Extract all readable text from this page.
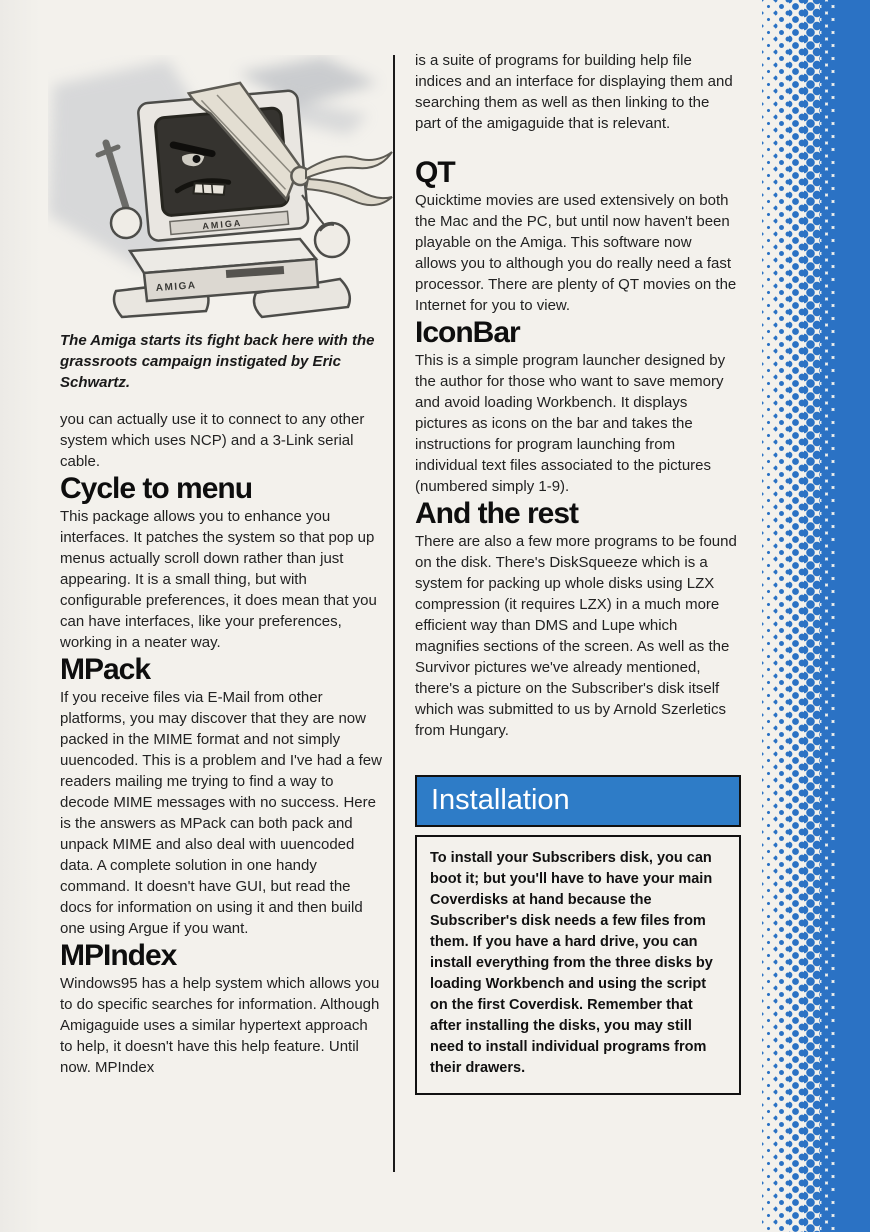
AMIGA
AMIGA

The Amiga starts its fight back here with the grassroots campaign instigated by Eric Schwartz.

you can actually use it to connect to any other system which uses NCP) and a 3-Link serial cable.

Cycle to menu

This package allows you to enhance you interfaces. It patches the system so that pop up menus actually scroll down rather than just appearing. It is a small thing, but with configurable preferences, it does mean that you can have interfaces, like your preferences, working in a neater way.

MPack

If you receive files via E-Mail from other platforms, you may discover that they are now packed in the MIME format and not simply uuencoded. This is a problem and I've had a few readers mailing me trying to find a way to decode MIME messages with no success. Here is the answers as MPack can both pack and unpack MIME and also deal with uuencoded data. A complete solution in one handy command. It doesn't have GUI, but read the docs for information on using it and then build one using Argue if you want.

MPIndex

Windows95 has a help system which allows you to do specific searches for information. Although Amigaguide uses a similar hypertext approach to help, it doesn't have this help feature. Until now. MPIndex

is a suite of programs for building help file indices and an interface for displaying them and searching them as well as then linking to the part of the amigaguide that is relevant.

QT

Quicktime movies are used extensively on both the Mac and the PC, but until now haven't been playable on the Amiga. This software now allows you to although you do really need a fast processor. There are plenty of QT movies on the Internet for you to view.

IconBar

This is a simple program launcher designed by the author for those who want to save memory and avoid loading Workbench. It displays pictures as icons on the bar and takes the instructions for program launching from individual text files associated to the pictures (numbered simply 1-9).

And the rest

There are also a few more programs to be found on the disk. There's DiskSqueeze which is a system for packing up whole disks using LZX compression (it requires LZX) in a much more efficient way than DMS and Lupe which magnifies sections of the screen. As well as the Survivor pictures we've already mentioned, there's a picture on the Subscriber's disk itself which was submitted to us by Arnold Szerletics from Hungary.

Installation

To install your Subscribers disk, you can boot it; but you'll have to have your main Coverdisks at hand because the Subscriber's disk needs a few files from them. If you have a hard drive, you can install everything from the three disks by loading Workbench and using the script on the first Coverdisk. Remember that after installing the disks, you may still need to install individual programs from their drawers.
